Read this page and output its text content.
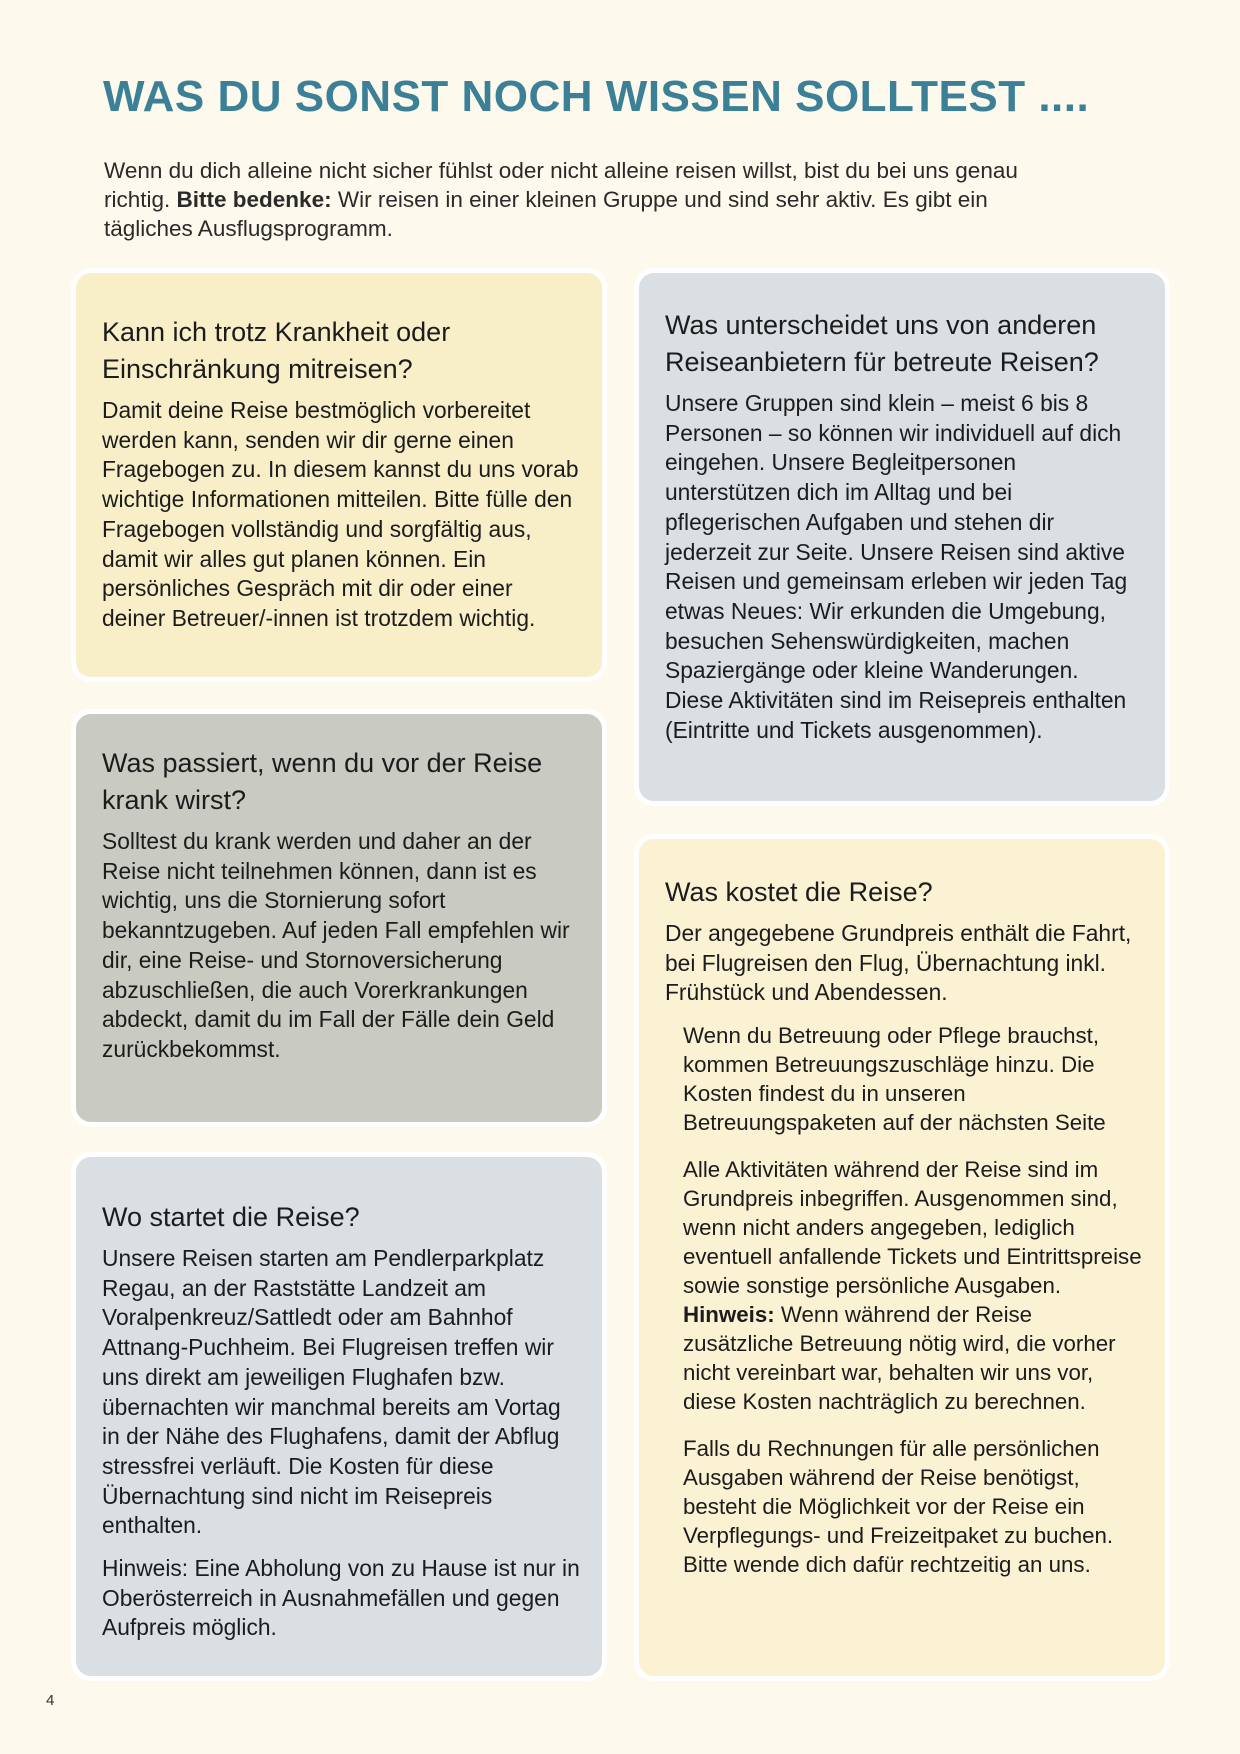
WAS DU SONST NOCH WISSEN SOLLTEST ....

Wenn du dich alleine nicht sicher fühlst oder nicht alleine reisen willst, bist du bei uns genau richtig. Bitte bedenke: Wir reisen in einer kleinen Gruppe und sind sehr aktiv. Es gibt ein tägliches Ausflugsprogramm.

Kann ich trotz Krankheit oder Einschränkung mitreisen?

Damit deine Reise bestmöglich vorbereitet werden kann, senden wir dir gerne einen Fragebogen zu. In diesem kannst du uns vorab wichtige Informationen mitteilen. Bitte fülle den Fragebogen vollständig und sorgfältig aus, damit wir alles gut planen können. Ein persönliches Gespräch mit dir oder einer deiner Betreuer/-innen ist trotzdem wichtig.

Was passiert, wenn du vor der Reise krank wirst?

Solltest du krank werden und daher an der Reise nicht teilnehmen können, dann ist es wichtig, uns die Stornierung sofort bekanntzugeben. Auf jeden Fall empfehlen wir dir, eine Reise- und Stornoversicherung abzuschließen, die auch Vorerkrankungen abdeckt, damit du im Fall der Fälle dein Geld zurückbekommst.

Wo startet die Reise?

Unsere Reisen starten am Pendlerparkplatz Regau, an der Raststätte Landzeit am Voralpenkreuz/Sattledt oder am Bahnhof Attnang-Puchheim. Bei Flugreisen treffen wir uns direkt am jeweiligen Flughafen bzw. übernachten wir manchmal bereits am Vortag in der Nähe des Flughafens, damit der Abflug stressfrei verläuft. Die Kosten für diese Übernachtung sind nicht im Reisepreis enthalten.

Hinweis: Eine Abholung von zu Hause ist nur in Oberösterreich in Ausnahmefällen und gegen Aufpreis möglich.

Was unterscheidet uns von anderen Reiseanbietern für betreute Reisen?

Unsere Gruppen sind klein – meist 6 bis 8 Personen – so können wir individuell auf dich eingehen. Unsere Begleitpersonen unterstützen dich im Alltag und bei pflegerischen Aufgaben und stehen dir jederzeit zur Seite. Unsere Reisen sind aktive Reisen und gemeinsam erleben wir jeden Tag etwas Neues: Wir erkunden die Umgebung, besuchen Sehenswürdigkeiten, machen Spaziergänge oder kleine Wanderungen. Diese Aktivitäten sind im Reisepreis enthalten (Eintritte und Tickets ausgenommen).

Was kostet die Reise?

Der angegebene Grundpreis enthält die Fahrt, bei Flugreisen den Flug, Übernachtung inkl. Frühstück und Abendessen.

Wenn du Betreuung oder Pflege brauchst, kommen Betreuungszuschläge hinzu. Die Kosten findest du in unseren Betreuungspaketen auf der nächsten Seite

Alle Aktivitäten während der Reise sind im Grundpreis inbegriffen. Ausgenommen sind, wenn nicht anders angegeben, lediglich eventuell anfallende Tickets und Eintrittspreise sowie sonstige persönliche Ausgaben. Hinweis: Wenn während der Reise zusätzliche Betreuung nötig wird, die vorher nicht vereinbart war, behalten wir uns vor, diese Kosten nachträglich zu berechnen.

Falls du Rechnungen für alle persönlichen Ausgaben während der Reise benötigst, besteht die Möglichkeit vor der Reise ein Verpflegungs- und Freizeitpaket zu buchen. Bitte wende dich dafür rechtzeitig an uns.

4
